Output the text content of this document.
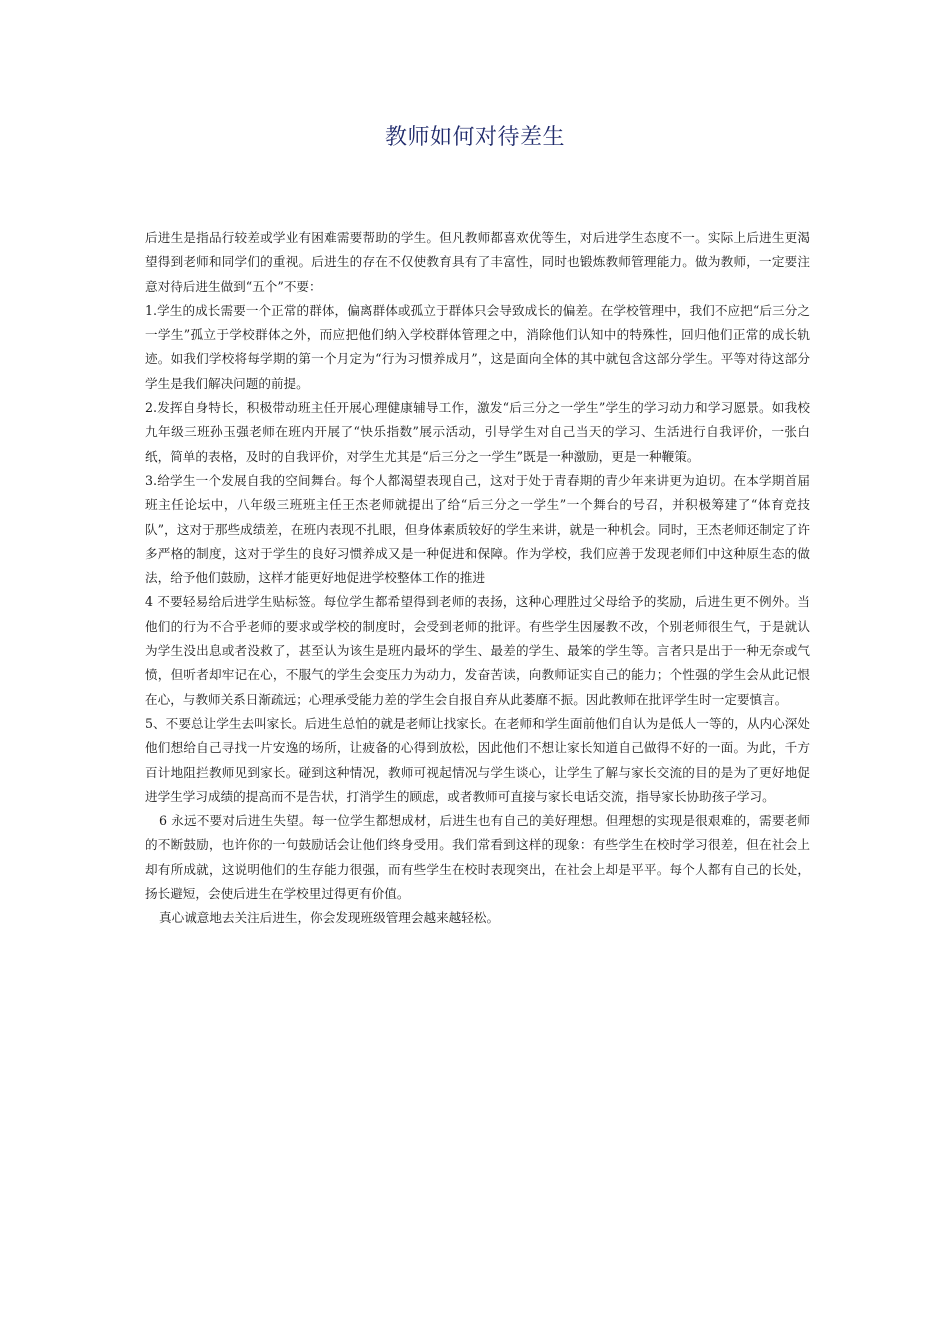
教师如何对待差生

后进生是指品行较差或学业有困难需要帮助的学生。但凡教师都喜欢优等生，对后进学生态度不一。实际上后进生更渴望得到老师和同学们的重视。后进生的存在不仅使教育具有了丰富性，同时也锻炼教师管理能力。做为教师，一定要注意对待后进生做到“五个”不要：

1.学生的成长需要一个正常的群体，偏离群体或孤立于群体只会导致成长的偏差。在学校管理中，我们不应把“后三分之一学生”孤立于学校群体之外，而应把他们纳入学校群体管理之中，消除他们认知中的特殊性，回归他们正常的成长轨迹。如我们学校将每学期的第一个月定为“行为习惯养成月”，这是面向全体的其中就包含这部分学生。平等对待这部分学生是我们解决问题的前提。

2.发挥自身特长，积极带动班主任开展心理健康辅导工作，激发“后三分之一学生”学生的学习动力和学习愿景。如我校九年级三班孙玉强老师在班内开展了“快乐指数”展示活动，引导学生对自己当天的学习、生活进行自我评价，一张白纸，简单的表格，及时的自我评价，对学生尤其是“后三分之一学生”既是一种激励，更是一种鞭策。

3.给学生一个发展自我的空间舞台。每个人都渴望表现自己，这对于处于青春期的青少年来讲更为迫切。在本学期首届班主任论坛中，八年级三班班主任王杰老师就提出了给“后三分之一学生”一个舞台的号召，并积极筹建了“体育竞技队”，这对于那些成绩差，在班内表现不扎眼，但身体素质较好的学生来讲，就是一种机会。同时，王杰老师还制定了许多严格的制度，这对于学生的良好习惯养成又是一种促进和保障。作为学校，我们应善于发现老师们中这种原生态的做法，给予他们鼓励，这样才能更好地促进学校整体工作的推进

4 不要轻易给后进学生贴标签。每位学生都希望得到老师的表扬，这种心理胜过父母给予的奖励，后进生更不例外。当他们的行为不合乎老师的要求或学校的制度时，会受到老师的批评。有些学生因屡教不改，个别老师很生气，于是就认为学生没出息或者没救了，甚至认为该生是班内最坏的学生、最差的学生、最笨的学生等。言者只是出于一种无奈或气愤，但听者却牢记在心，不服气的学生会变压力为动力，发奋苦读，向教师证实自己的能力；个性强的学生会从此记恨在心，与教师关系日渐疏远；心理承受能力差的学生会自报自弃从此萎靡不振。因此教师在批评学生时一定要慎言。

5、不要总让学生去叫家长。后进生总怕的就是老师让找家长。在老师和学生面前他们自认为是低人一等的，从内心深处他们想给自己寻找一片安逸的场所，让疲备的心得到放松，因此他们不想让家长知道自己做得不好的一面。为此，千方百计地阻拦教师见到家长。碰到这种情况，教师可视起情况与学生谈心，让学生了解与家长交流的目的是为了更好地促进学生学习成绩的提高而不是告状，打消学生的顾虑，或者教师可直接与家长电话交流，指导家长协助孩子学习。

6 永远不要对后进生失望。每一位学生都想成材，后进生也有自己的美好理想。但理想的实现是很艰难的，需要老师的不断鼓励，也许你的一句鼓励话会让他们终身受用。我们常看到这样的现象：有些学生在校时学习很差，但在社会上却有所成就，这说明他们的生存能力很强，而有些学生在校时表现突出，在社会上却是平平。每个人都有自己的长处，扬长避短，会使后进生在学校里过得更有价值。

真心诚意地去关注后进生，你会发现班级管理会越来越轻松。
